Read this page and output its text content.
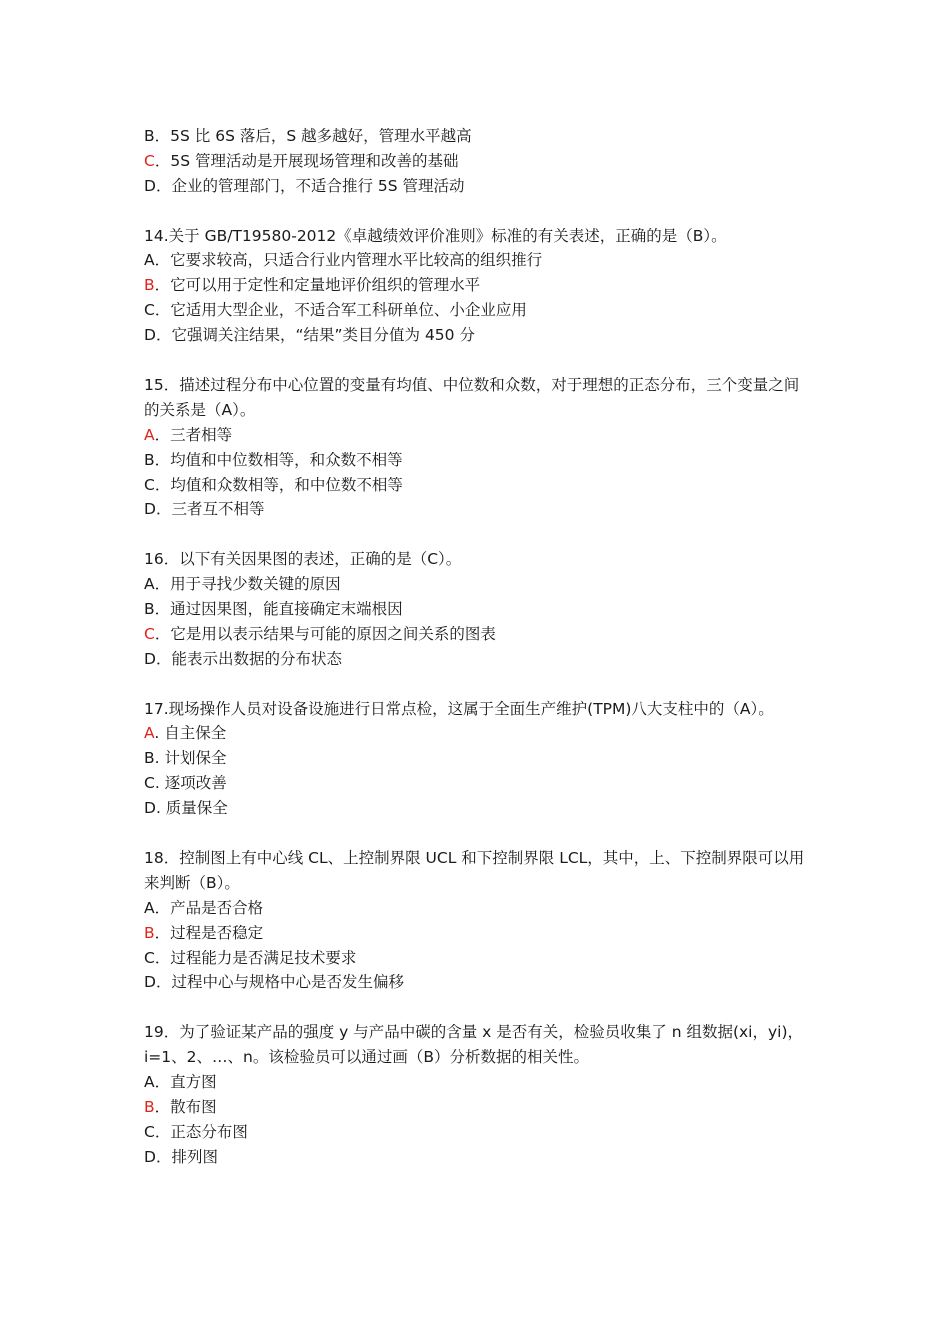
B．5S 比 6S 落后，S 越多越好，管理水平越高
C．5S 管理活动是开展现场管理和改善的基础
D．企业的管理部门，不适合推行 5S 管理活动
14.关于 GB/T19580-2012《卓越绩效评价准则》标准的有关表述，正确的是（B）。
A．它要求较高，只适合行业内管理水平比较高的组织推行
B．它可以用于定性和定量地评价组织的管理水平
C．它适用大型企业，不适合军工科研单位、小企业应用
D．它强调关注结果，“结果”类目分值为 450 分
15．描述过程分布中心位置的变量有均值、中位数和众数，对于理想的正态分布，三个变量之间的关系是（A）。
A．三者相等
B．均值和中位数相等，和众数不相等
C．均值和众数相等，和中位数不相等
D．三者互不相等
16．以下有关因果图的表述，正确的是（C）。
A．用于寻找少数关键的原因
B．通过因果图，能直接确定末端根因
C．它是用以表示结果与可能的原因之间关系的图表
D．能表示出数据的分布状态
17.现场操作人员对设备设施进行日常点检，这属于全面生产维护(TPM)八大支柱中的（A）。
A. 自主保全
B. 计划保全
C. 逐项改善
D. 质量保全
18．控制图上有中心线 CL、上控制界限 UCL 和下控制界限 LCL，其中，上、下控制界限可以用来判断（B）。
A．产品是否合格
B．过程是否稳定
C．过程能力是否满足技术要求
D．过程中心与规格中心是否发生偏移
19．为了验证某产品的强度 y 与产品中碳的含量 x 是否有关，检验员收集了 n 组数据(xi，yi)，i=1、2、…、n。该检验员可以通过画（B）分析数据的相关性。
A．直方图
B．散布图
C．正态分布图
D．排列图
